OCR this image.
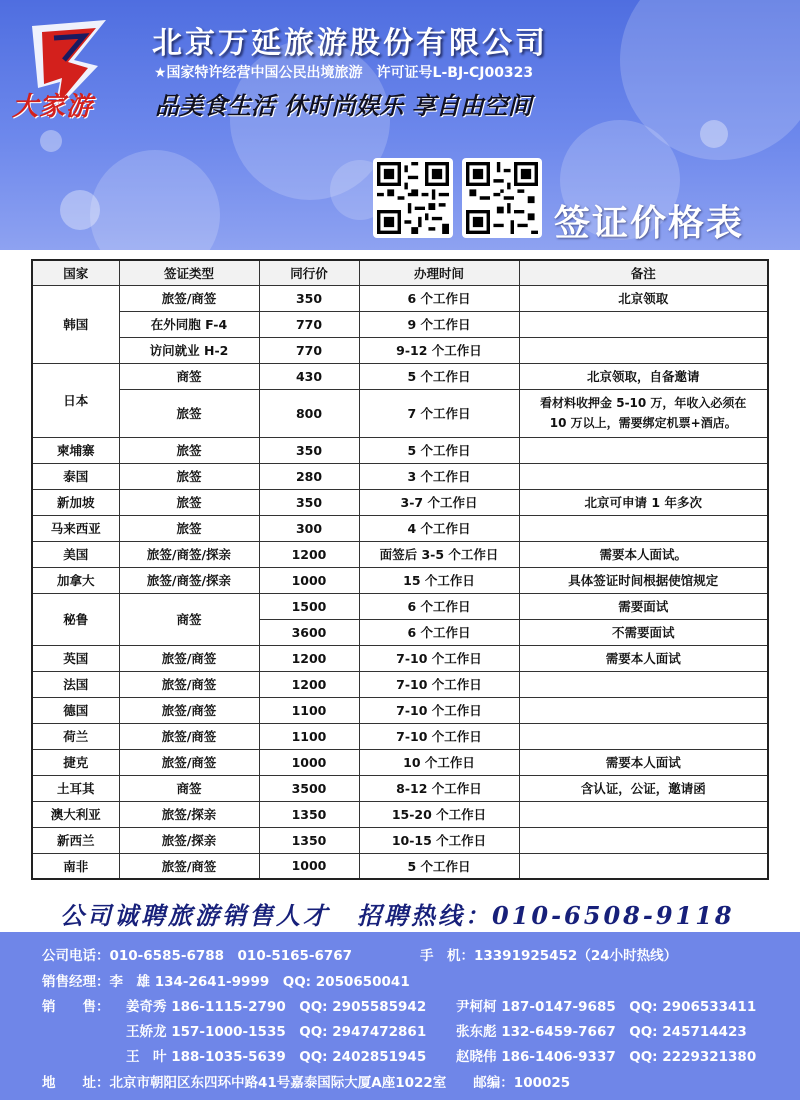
大家游
北京万延旅游股份有限公司
★国家特许经营中国公民出境旅游　许可证号L-BJ-CJ00323
品美食生活 休时尚娱乐 享自由空间
签证价格表
国家	签证类型	同行价	办理时间	备注
韩国	旅签/商签	350	6 个工作日	北京领取
	在外同胞 F-4	770	9 个工作日	
	访问就业 H-2	770	9-12 个工作日	
日本	商签	430	5 个工作日	北京领取，自备邀请
	旅签	800	7 个工作日	看材料收押金 5-10 万，年收入必须在
10 万以上，需要绑定机票+酒店。

柬埔寨	旅签	350	5 个工作日	
泰国	旅签	280	3 个工作日	
新加坡	旅签	350	3-7 个工作日	北京可申请 1 年多次
马来西亚	旅签	300	4 个工作日	
美国	旅签/商签/探亲	1200	面签后 3-5 个工作日	需要本人面试。
加拿大	旅签/商签/探亲	1000	15 个工作日	具体签证时间根据使馆规定
秘鲁	商签	1500	6 个工作日	需要面试
		3600	6 个工作日	不需要面试
英国	旅签/商签	1200	7-10 个工作日	需要本人面试
法国	旅签/商签	1200	7-10 个工作日	
德国	旅签/商签	1100	7-10 个工作日	
荷兰	旅签/商签	1100	7-10 个工作日	
捷克	旅签/商签	1000	10 个工作日	需要本人面试
土耳其	商签	3500	8-12 个工作日	含认证，公证，邀请函
澳大利亚	旅签/探亲	1350	15-20 个工作日	
新西兰	旅签/探亲	1350	10-15 个工作日	
南非	旅签/商签	1000	5 个工作日	
公司诚聘旅游销售人才　招聘热线：010-6508-9118
公司电话：010-6585-6788　010-5165-6767	手　机：13391925452（24小时热线）
销售经理：李　雄 134-2641-9999　QQ: 2050650041
销　　售： 姜奇秀 186-1115-2790　QQ: 2905585942
王娇龙 157-1000-1535　QQ: 2947472861
王　叶 188-1035-5639　QQ: 2402851945
尹柯柯 187-0147-9685　QQ: 2906533411
张东彪 132-6459-7667　QQ: 245714423
赵晓伟 186-1406-9337　QQ: 2229321380
地　　址：北京市朝阳区东四环中路41号嘉泰国际大厦A座1022室　　邮编：100025
